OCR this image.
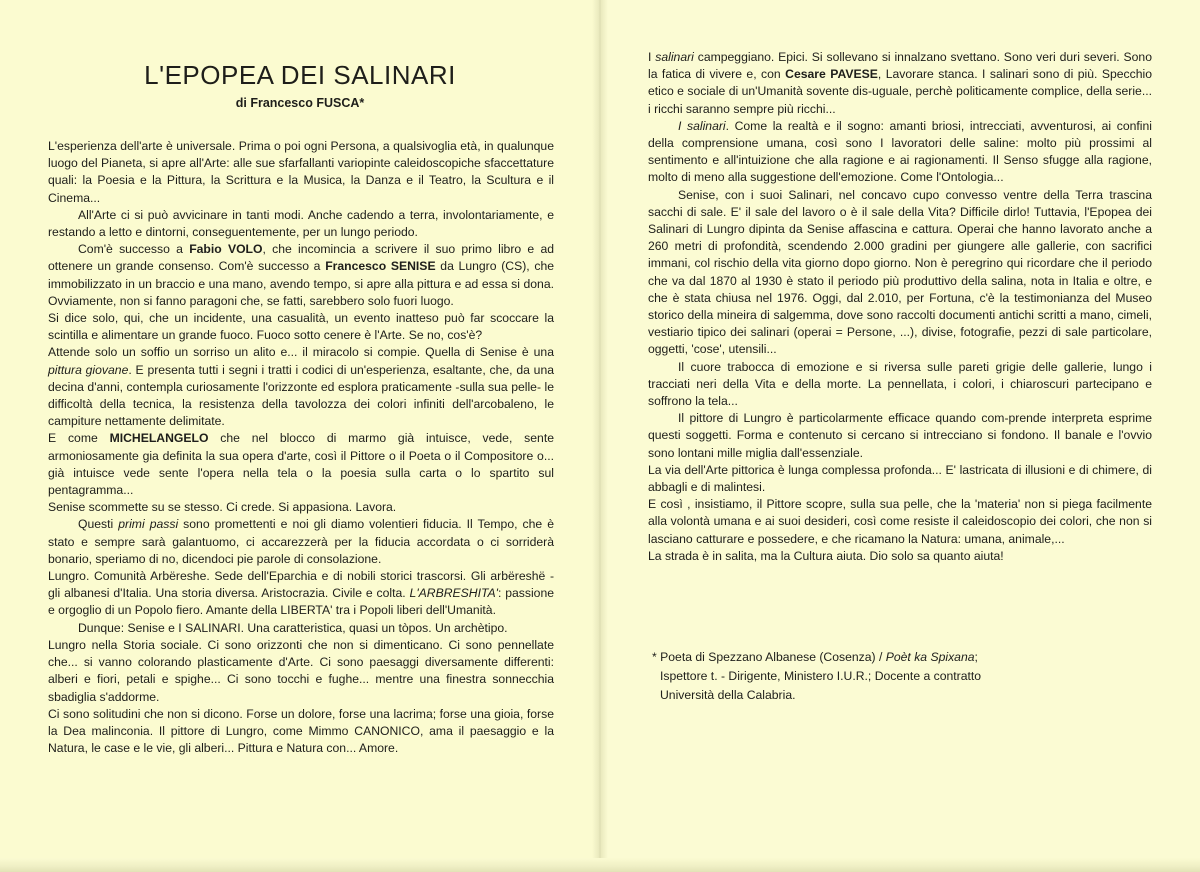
L'EPOPEA DEI SALINARI
di Francesco FUSCA*

L'esperienza dell'arte è universale. Prima o poi ogni Persona, a qualsivoglia età, in qualunque luogo del Pianeta, si apre all'Arte: alle sue sfarfallanti variopinte caleidoscopiche sfaccettature quali: la Poesia e la Pittura, la Scrittura e la Musica, la Danza e il Teatro, la Scultura e il Cinema...

All'Arte ci si può avvicinare in tanti modi. Anche cadendo a terra, involontariamente, e restando a letto e dintorni, conseguentemente, per un lungo periodo.

Com'è successo a Fabio VOLO, che incomincia a scrivere il suo primo libro e ad ottenere un grande consenso. Com'è successo a Francesco SENISE da Lungro (CS), che immobilizzato in un braccio e una mano, avendo tempo, si apre alla pittura e ad essa si dona. Ovviamente, non si fanno paragoni che, se fatti, sarebbero solo fuori luogo.

Si dice solo, qui, che un incidente, una casualità, un evento inatteso può far scoccare la scintilla e alimentare un grande fuoco. Fuoco sotto cenere è l'Arte. Se no, cos'è?

Attende solo un soffio un sorriso un alito e... il miracolo si compie. Quella di Senise è una pittura giovane. E presenta tutti i segni i tratti i codici di un'esperienza, esaltante, che, da una decina d'anni, contempla curiosamente l'orizzonte ed esplora praticamente -sulla sua pelle- le difficoltà della tecnica, la resistenza della tavolozza dei colori infiniti dell'arcobaleno, le campiture nettamente delimitate.

E come MICHELANGELO che nel blocco di marmo già intuisce, vede, sente armoniosamente gia definita la sua opera d'arte, così il Pittore o il Poeta o il Compositore o... già intuisce vede sente l'opera nella tela o la poesia sulla carta o lo spartito sul pentagramma...

Senise scommette su se stesso. Ci crede. Si appasiona. Lavora.

Questi primi passi sono promettenti e noi gli diamo volentieri fiducia. Il Tempo, che è stato e sempre sarà galantuomo, ci accarezzerà per la fiducia accordata o ci sorriderà bonario, speriamo di no, dicendoci pie parole di consolazione.

Lungro. Comunità Arbëreshe. Sede dell'Eparchia e di nobili storici trascorsi. Gli arbëreshë - gli albanesi d'Italia. Una storia diversa. Aristocrazia. Civile e colta. L'ARBRESHITA': passione e orgoglio di un Popolo fiero. Amante della LIBERTA' tra i Popoli liberi dell'Umanità.

Dunque: Senise e I SALINARI. Una caratteristica, quasi un tòpos. Un archètipo.

Lungro nella Storia sociale. Ci sono orizzonti che non si dimenticano. Ci sono pennellate che... si vanno colorando plasticamente d'Arte. Ci sono paesaggi diversamente differenti: alberi e fiori, petali e spighe... Ci sono tocchi e fughe... mentre una finestra sonnecchia sbadiglia s'addorme.

Ci sono solitudini che non si dicono. Forse un dolore, forse una lacrima; forse una gioia, forse la Dea malinconia. Il pittore di Lungro, come Mimmo CANONICO, ama il paesaggio e la Natura, le case e le vie, gli alberi... Pittura e Natura con... Amore.

I salinari campeggiano. Epici. Si sollevano si innalzano svettano. Sono veri duri severi. Sono la fatica di vivere e, con Cesare PAVESE, Lavorare stanca. I salinari sono di più. Specchio etico e sociale di un'Umanità sovente dis-uguale, perchè politicamente complice, della serie... i ricchi saranno sempre più ricchi...

I salinari. Come la realtà e il sogno: amanti briosi, intrecciati, avventurosi, ai confini della comprensione umana, così sono I lavoratori delle saline: molto più prossimi al sentimento e all'intuizione che alla ragione e ai ragionamenti. Il Senso sfugge alla ragione, molto di meno alla suggestione dell'emozione. Come l'Ontologia...

Senise, con i suoi Salinari, nel concavo cupo convesso ventre della Terra trascina sacchi di sale. E' il sale del lavoro o è il sale della Vita? Difficile dirlo! Tuttavia, l'Epopea dei Salinari di Lungro dipinta da Senise affascina e cattura. Operai che hanno lavorato anche a 260 metri di profondità, scendendo 2.000 gradini per giungere alle gallerie, con sacrifici immani, col rischio della vita giorno dopo giorno. Non è peregrino qui ricordare che il periodo che va dal 1870 al 1930 è stato il periodo più produttivo della salina, nota in Italia e oltre, e che è stata chiusa nel 1976. Oggi, dal 2.010, per Fortuna, c'è la testimonianza del Museo storico della mineira di salgemma, dove sono raccolti documenti antichi scritti a mano, cimeli, vestiario tipico dei salinari (operai = Persone, ...), divise, fotografie, pezzi di sale particolare, oggetti, 'cose', utensili...

Il cuore trabocca di emozione e si riversa sulle pareti grigie delle gallerie, lungo i tracciati neri della Vita e della morte. La pennellata, i colori, i chiaroscuri partecipano e soffrono la tela...

Il pittore di Lungro è particolarmente efficace quando com-prende interpreta esprime questi soggetti. Forma e contenuto si cercano si intrecciano si fondono. Il banale e l'ovvio sono lontani mille miglia dall'essenziale.

La via dell'Arte pittorica è lunga complessa profonda... E' lastricata di illusioni e di chimere, di abbagli e di malintesi.

E così , insistiamo, il Pittore scopre, sulla sua pelle, che la 'materia' non si piega facilmente alla volontà umana e ai suoi desideri, così come resiste il caleidoscopio dei colori, che non si lasciano catturare e possedere, e che ricamano la Natura: umana, animale,...

La strada è in salita, ma la Cultura aiuta. Dio solo sa quanto aiuta!

* Poeta di Spezzano Albanese (Cosenza) / Poèt ka Spixana;
Ispettore t. - Dirigente, Ministero I.U.R.; Docente a contratto
Università della Calabria.
